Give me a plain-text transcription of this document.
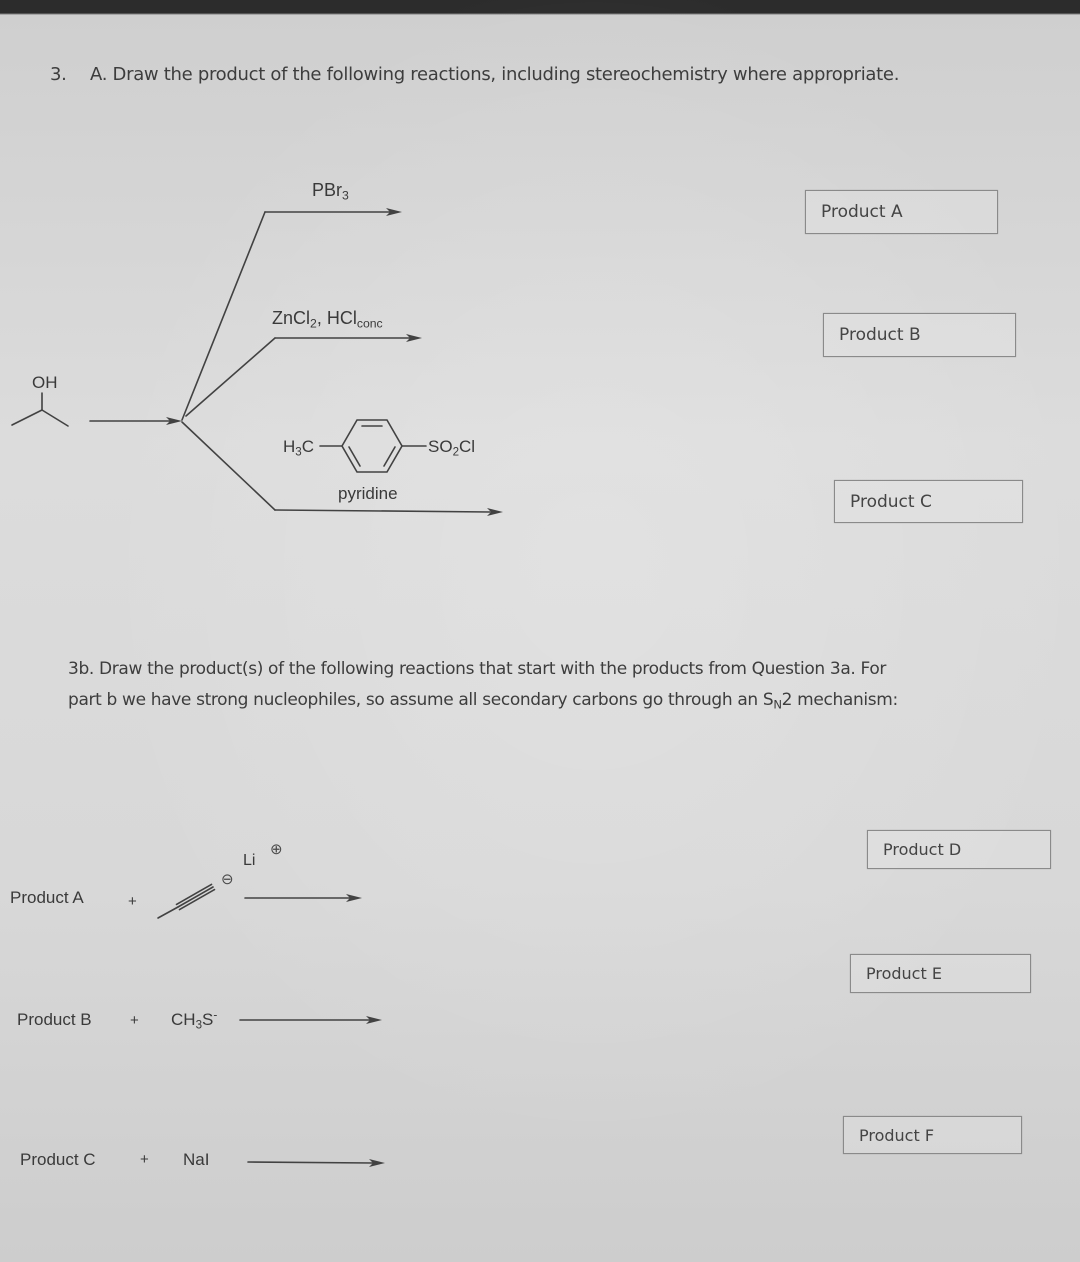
3. A. Draw the product of the following reactions, including stereochemistry where appropriate.
OH
PBr$_3$
ZnCl$_2$, HCl$_{conc}$
$H_3C$	$SO_2Cl$
pyridine
Product A
Product B
Product C
3b. Draw the product(s) of the following reactions that start with the products from Question 3a. For
part b we have strong nucleophiles, so assume all secondary carbons go through an $S_N2$ mechanism:
Product A	+
⊖
Li
⊕
Product B	+ $CH_3S^-$
Product C	+ NaI
Product D
Product E
Product F
